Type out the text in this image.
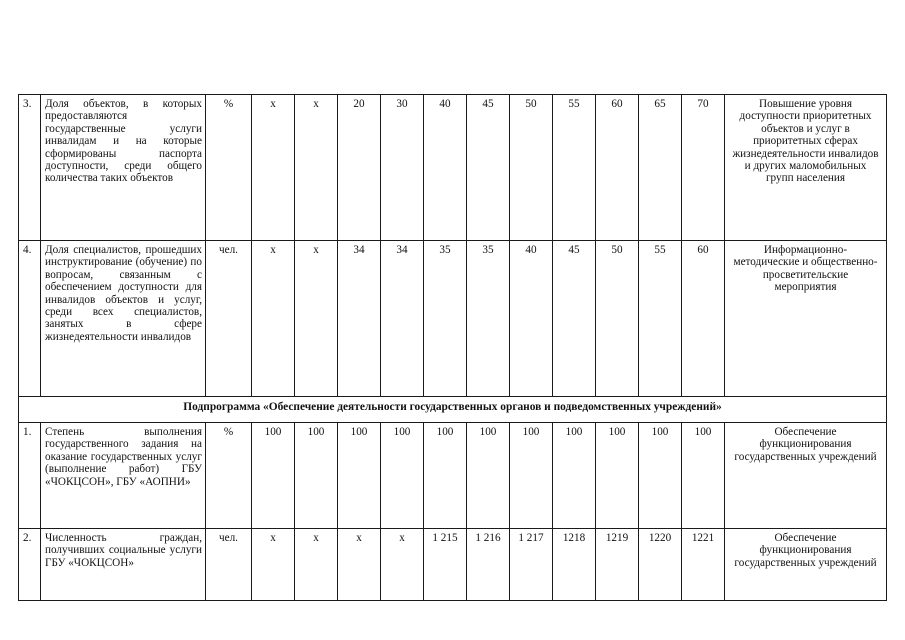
3.	Доля объектов, в которых предоставляются государственные услуги инвалидам и на которые сформированы паспорта доступности, среди общего количества таких объектов	%	х	х	20	30	40	45	50	55	60	65	70	Повышение уровня доступности приоритетных объектов и услуг в приоритетных сферах жизнедеятельности инвалидов и других маломобильных групп населения
4.	Доля специалистов, прошедших инструктирование (обучение) по вопросам, связанным с обеспечением доступности для инвалидов объектов и услуг, среди всех специалистов, занятых в сфере жизнедеятельности инвалидов	чел.	х	х	34	34	35	35	40	45	50	55	60	Информационно-методические и общественно-просветительские мероприятия
Подпрограмма «Обеспечение деятельности государственных органов и подведомственных учреждений»														
1.	Степень выполнения государственного задания на оказание государственных услуг (выполнение работ) ГБУ «ЧОКЦСОН», ГБУ «АОПНИ»	%	100	100	100	100	100	100	100	100	100	100	100	Обеспечение функционирования государственных учреждений
2.	Численность граждан, получивших социальные услуги ГБУ «ЧОКЦСОН»	чел.	х	х	х	х	1 215	1 216	1 217	1218	1219	1220	1221	Обеспечение функционирования государственных учреждений
